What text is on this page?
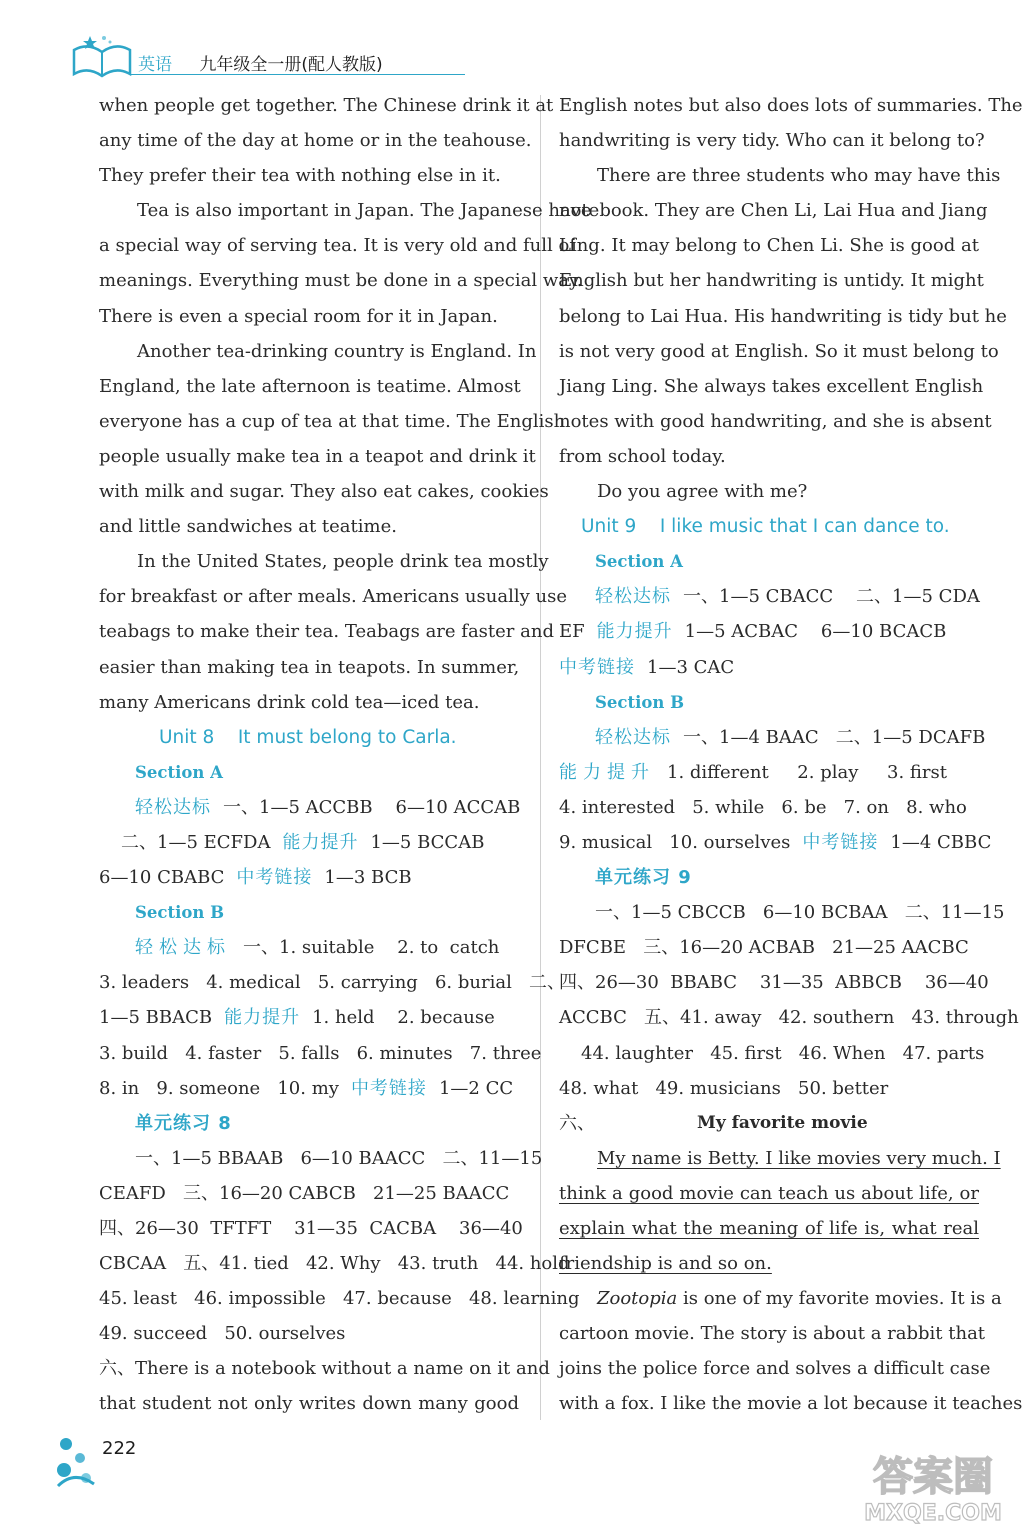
英语 九年级全一册(配人教版)
when people get together. The Chinese drink it at
any time of the day at home or in the teahouse.
They prefer their tea with nothing else in it.
Tea is also important in Japan. The Japanese have
a special way of serving tea. It is very old and full of
meanings. Everything must be done in a special way.
There is even a special room for it in Japan.
Another tea-drinking country is England. In
England, the late afternoon is teatime. Almost
everyone has a cup of tea at that time. The English
people usually make tea in a teapot and drink it
with milk and sugar. They also eat cakes, cookies
and little sandwiches at teatime.
In the United States, people drink tea mostly
for breakfast or after meals. Americans usually use
teabags to make their tea. Teabags are faster and
easier than making tea in teapots. In summer,
many Americans drink cold tea—iced tea.
Unit 8    It must belong to Carla.
Section A
轻松达标 一、1—5 ACCBB    6—10 ACCAB
二、1—5 ECFDA 能力提升 1—5 BCCAB
6—10 CBABC 中考链接 1—3 BCB
Section B
轻松达标 一、1. suitable    2. to  catch
3. leaders   4. medical   5. carrying   6. burial   二、
1—5 BBACB 能力提升 1. held    2. because
3. build   4. faster   5. falls   6. minutes   7. three
8. in   9. someone   10. my 中考链接 1—2 CC
单元练习 8
一、1—5 BBAAB   6—10 BAACC   二、11—15
CEAFD   三、16—20 CABCB   21—25 BAACC
四、26—30  TFTFT    31—35  CACBA    36—40
CBCAA   五、41. tied   42. Why   43. truth   44. hold
45. least   46. impossible   47. because   48. learning
49. succeed   50. ourselves
六、There is a notebook without a name on it and
that student not only writes down many good
English notes but also does lots of summaries. The
handwriting is very tidy. Who can it belong to?
There are three students who may have this
notebook. They are Chen Li, Lai Hua and Jiang
Ling. It may belong to Chen Li. She is good at
English but her handwriting is untidy. It might
belong to Lai Hua. His handwriting is tidy but he
is not very good at English. So it must belong to
Jiang Ling. She always takes excellent English
notes with good handwriting, and she is absent
from school today.
Do you agree with me?
Unit 9    I like music that I can dance to.
Section A
轻松达标 一、1—5 CBACC    二、1—5 CDA
EF 能力提升 1—5 ACBAC    6—10 BCACB
中考链接 1—3 CAC
Section B
轻松达标 一、1—4 BAAC   二、1—5 DCAFB
能力提升 1. different     2. play     3. first
4. interested   5. while   6. be   7. on   8. who
9. musical   10. ourselves 中考链接 1—4 CBBC
单元练习 9
一、1—5 CBCCB   6—10 BCBAA   二、11—15
DFCBE   三、16—20 ACBAB   21—25 AACBC
四、26—30  BBABC    31—35  ABBCB    36—40
ACCBC   五、41. away   42. southern   43. through
44. laughter   45. first   46. When   47. parts
48. what   49. musicians   50. better
六、	My favorite movie
My name is Betty. I like movies very much. I
think a good movie can teach us about life, or
explain what the meaning of life is, what real
friendship is and so on.
Zootopia is one of my favorite movies. It is a
cartoon movie. The story is about a rabbit that
joins the police force and solves a difficult case
with a fox. I like the movie a lot because it teaches
222
答案圈
MXQE.COM
